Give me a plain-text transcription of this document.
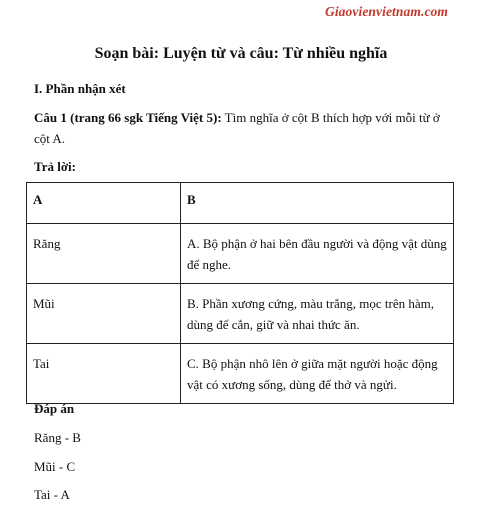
Giaovienvietnam.com
Soạn bài: Luyện từ và câu: Từ nhiều nghĩa
I. Phần nhận xét
Câu 1 (trang 66 sgk Tiếng Việt 5): Tìm nghĩa ở cột B thích hợp với mỗi từ ở cột A.
Trả lời:
A	B
Răng	A. Bộ phận ở hai bên đầu người và động vật dùng để nghe.
Mũi	B. Phần xương cứng, màu trắng, mọc trên hàm, dùng để cắn, giữ và nhai thức ăn.
Tai	C. Bộ phận nhô lên ở giữa mặt người hoặc động vật có xương sống, dùng để thở và ngửi.
Đáp án
Răng - B
Mũi - C
Tai - A
